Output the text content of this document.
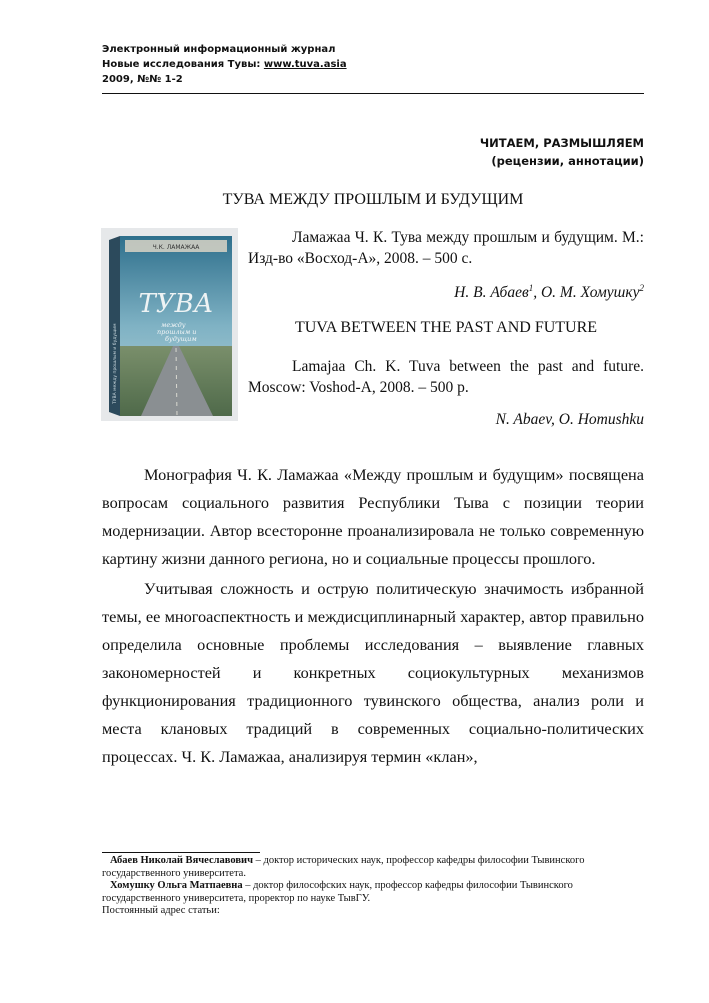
Электронный информационный журнал
Новые исследования Тувы: www.tuva.asia
2009, №№ 1-2
ЧИТАЕМ, РАЗМЫШЛЯЕМ
(рецензии, аннотации)
ТУВА МЕЖДУ ПРОШЛЫМ И БУДУЩИМ
Ч.К. ЛАМАЖАА
ТУВА
между
прошлым и
будущим
ТУВА между прошлым и будущим
Ламажаа Ч. К. Тува между прошлым и будущим. М.: Изд-во «Восход-А», 2008. – 500 с.
Н. В. Абаев$^1$, О. М. Хомушку$^2$
TUVA BETWEEN THE PAST AND FUTURE
Lamajaa Ch. K. Tuva between the past and future. Moscow: Voshod-A, 2008. – 500 p.
N. Abaev, O. Homushku

Монография Ч. К. Ламажаа «Между прошлым и будущим» посвящена вопросам социального развития Республики Тыва с позиции теории модернизации. Автор всесторонне проанализировала не только современную картину жизни данного региона, но и социальные процессы прошлого.

Учитывая сложность и острую политическую значимость избранной темы, ее многоаспектность и междисциплинарный характер, автор правильно определила основные проблемы исследования – выявление главных закономерностей и конкретных социокультурных механизмов функционирования традиционного тувинского общества, анализ роли и места клановых традиций в современных социально-политических процессах. Ч. К. Ламажаа, анализируя термин «клан»,

Абаев Николай Вячеславович – доктор исторических наук, профессор кафедры философии Тывинского государственного университета.

Хомушку Ольга Матпаевна – доктор философских наук, профессор кафедры философии Тывинского государственного университета, проректор по науке ТывГУ.

Постоянный адрес статьи:
